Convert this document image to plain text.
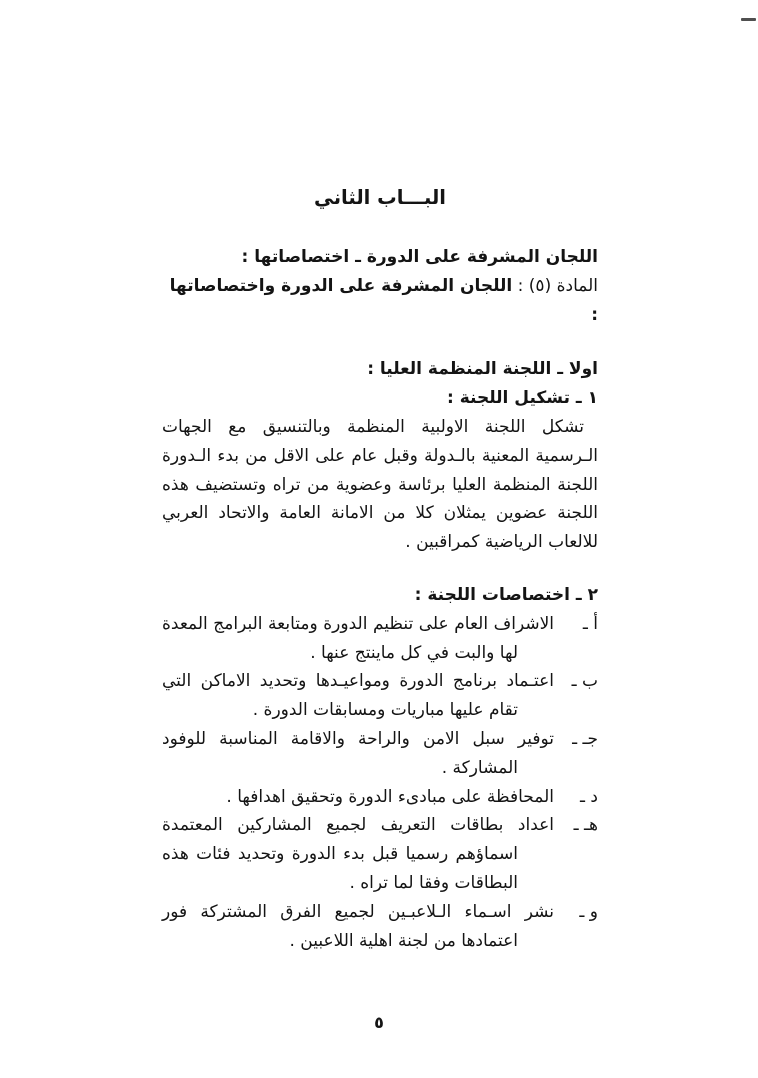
البـــاب الثاني

اللجان المشرفة على الدورة ـ اختصاصاتها :

المادة (٥) : اللجان المشرفة على الدورة واختصاصاتها :

اولا ـ اللجنة المنظمة العليا :

١ ـ تشكيل اللجنة :

تشكل اللجنة الاولبية المنظمة وبالتنسيق مع الجهات الـرسمية المعنية بالـدولة وقبل عام على الاقل من بدء الـدورة اللجنة المنظمة العليا برئاسة وعضوية من تراه وتستضيف هذه اللجنة عضوين يمثلان كلا من الامانة العامة والاتحاد العربي للالعاب الرياضية كمراقبين .

٢ ـ اختصاصات اللجنة :

أ ـالاشراف العام على تنظيم الدورة ومتابعة البرامج المعدة لها والبت في كل ماينتج عنها .

ب ـاعتـماد برنامج الدورة ومواعيـدها وتحديد الاماكن التي تقام عليها مباريات ومسابقات الدورة .

جـ ـتوفير سبل الامن والراحة والاقامة المناسبة للوفود المشاركة .

د ـالمحافظة على مبادىء الدورة وتحقيق اهدافها .

هـ ـاعداد بطاقات التعريف لجميع المشاركين المعتمدة اسماؤهم رسميا قبل بدء الدورة وتحديد فئات هذه البطاقات وفقا لما تراه .

و ـنشر اسـماء الـلاعبـين لجميع الفرق المشتركة فور اعتمادها من لجنة اهلية اللاعبين .

٥
